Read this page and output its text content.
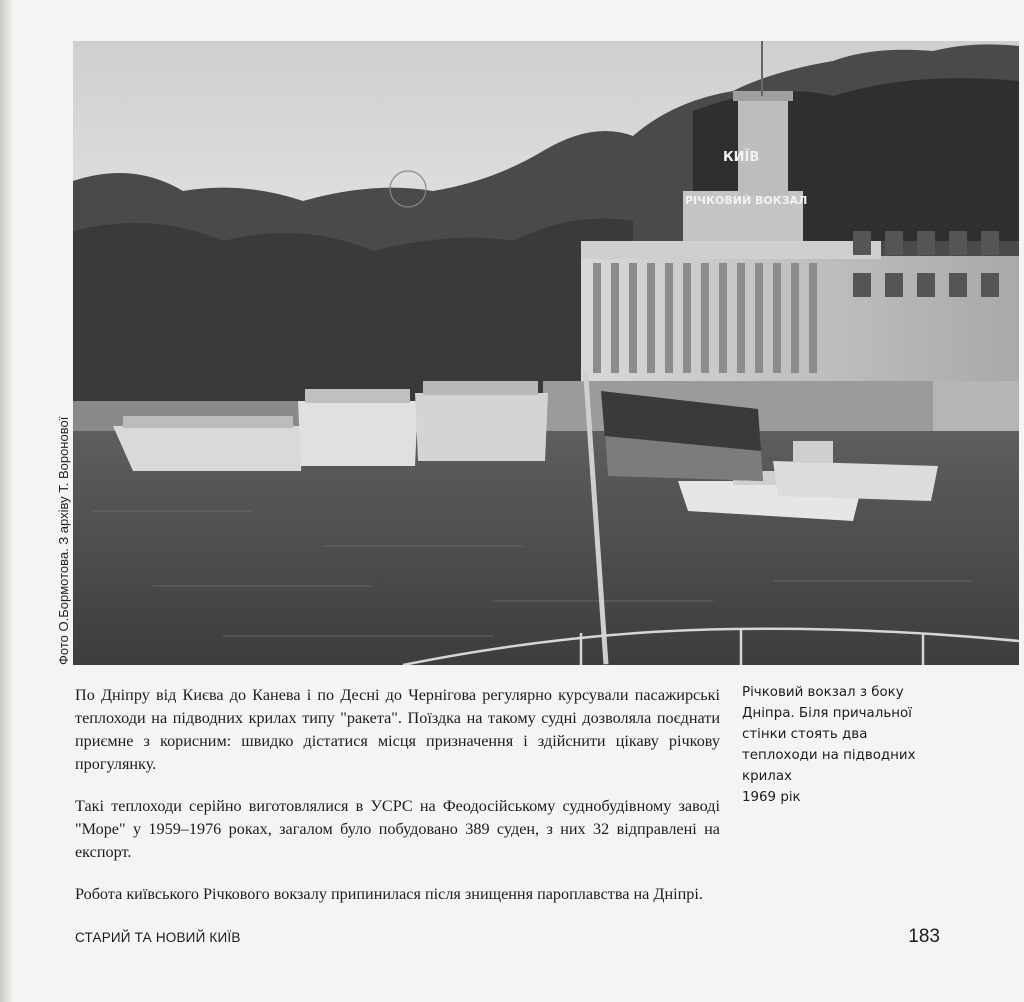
КИЇВ
РІЧКОВИЙ ВОКЗАЛ
Фото О.Бормотова. З архіву Т. Воронової

По Дніпру від Києва до Канева і по Десні до Чернігова регулярно курсували пасажирські теплоходи на підводних крилах типу "ракета". Поїздка на такому судні дозволяла поєднати приємне з корисним: швидко дістатися місця призначення і здійснити цікаву річкову прогулянку.

Такі теплоходи серійно виготовлялися в УСРС на Феодосійському суднобудівному заводі "Море" у 1959–1976 роках, загалом було побудовано 389 суден, з них 32 відправлені на експорт.

Робота київського Річкового вокзалу припинилася після знищення пароплавства на Дніпрі.

Річковий вокзал з боку Дніпра. Біля причальної стінки стоять два теплоходи на підводних крилах
1969 рік
СТАРИЙ ТА НОВИЙ КИЇВ	183
